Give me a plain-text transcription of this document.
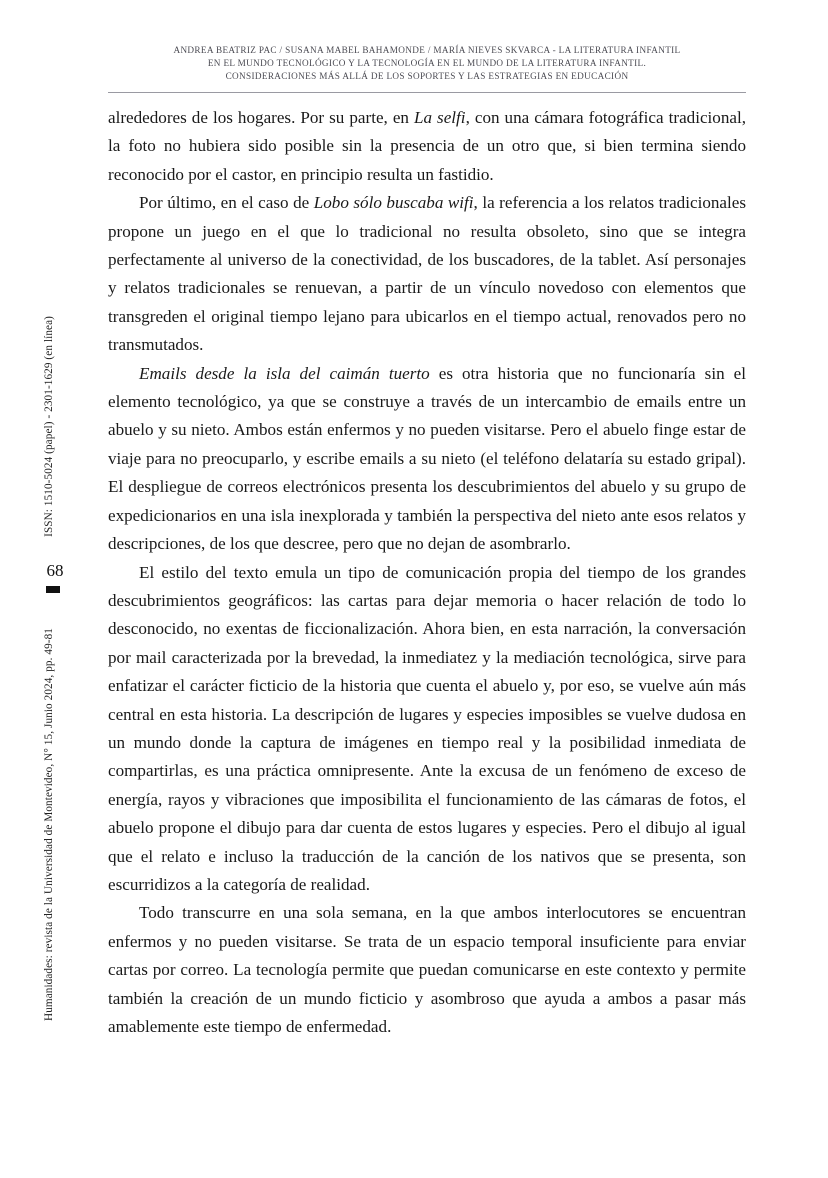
ISSN: 1510-5024 (papel) - 2301-1629 (en línea)
68
Humanidades: revista de la Universidad de Montevideo, N° 15, Junio 2024, pp. 49-81
ANDREA BEATRIZ PAC / SUSANA MABEL BAHAMONDE / MARÍA NIEVES SKVARCA - LA LITERATURA INFANTIL
EN EL MUNDO TECNOLÓGICO Y LA TECNOLOGÍA EN EL MUNDO DE LA LITERATURA INFANTIL.
CONSIDERACIONES MÁS ALLÁ DE LOS SOPORTES Y LAS ESTRATEGIAS EN EDUCACIÓN

alrededores de los hogares. Por su parte, en La selfi, con una cámara fotográfica tradicional, la foto no hubiera sido posible sin la presencia de un otro que, si bien termina siendo reconocido por el castor, en principio resulta un fastidio.

Por último, en el caso de Lobo sólo buscaba wifi, la referencia a los relatos tradicionales propone un juego en el que lo tradicional no resulta obsoleto, sino que se integra perfectamente al universo de la conectividad, de los buscadores, de la tablet. Así personajes y relatos tradicionales se renuevan, a partir de un vínculo novedoso con elementos que transgreden el original tiempo lejano para ubicarlos en el tiempo actual, renovados pero no transmutados.

Emails desde la isla del caimán tuerto es otra historia que no funcionaría sin el elemento tecnológico, ya que se construye a través de un intercambio de emails entre un abuelo y su nieto. Ambos están enfermos y no pueden visitarse. Pero el abuelo finge estar de viaje para no preocuparlo, y escribe emails a su nieto (el teléfono delataría su estado gripal). El despliegue de correos electrónicos presenta los descubrimientos del abuelo y su grupo de expedicionarios en una isla inexplorada y también la perspectiva del nieto ante esos relatos y descripciones, de los que descree, pero que no dejan de asombrarlo.

El estilo del texto emula un tipo de comunicación propia del tiempo de los grandes descubrimientos geográficos: las cartas para dejar memoria o hacer relación de todo lo desconocido, no exentas de ficcionalización. Ahora bien, en esta narración, la conversación por mail caracterizada por la brevedad, la inmediatez y la mediación tecnológica, sirve para enfatizar el carácter ficticio de la historia que cuenta el abuelo y, por eso, se vuelve aún más central en esta historia. La descripción de lugares y especies imposibles se vuelve dudosa en un mundo donde la captura de imágenes en tiempo real y la posibilidad inmediata de compartirlas, es una práctica omnipresente. Ante la excusa de un fenómeno de exceso de energía, rayos y vibraciones que imposibilita el funcionamiento de las cámaras de fotos, el abuelo propone el dibujo para dar cuenta de estos lugares y especies. Pero el dibujo al igual que el relato e incluso la traducción de la canción de los nativos que se presenta, son escurridizos a la categoría de realidad.

Todo transcurre en una sola semana, en la que ambos interlocutores se encuentran enfermos y no pueden visitarse. Se trata de un espacio temporal insuficiente para enviar cartas por correo. La tecnología permite que puedan comunicarse en este contexto y permite también la creación de un mundo ficticio y asombroso que ayuda a ambos a pasar más amablemente este tiempo de enfermedad.
